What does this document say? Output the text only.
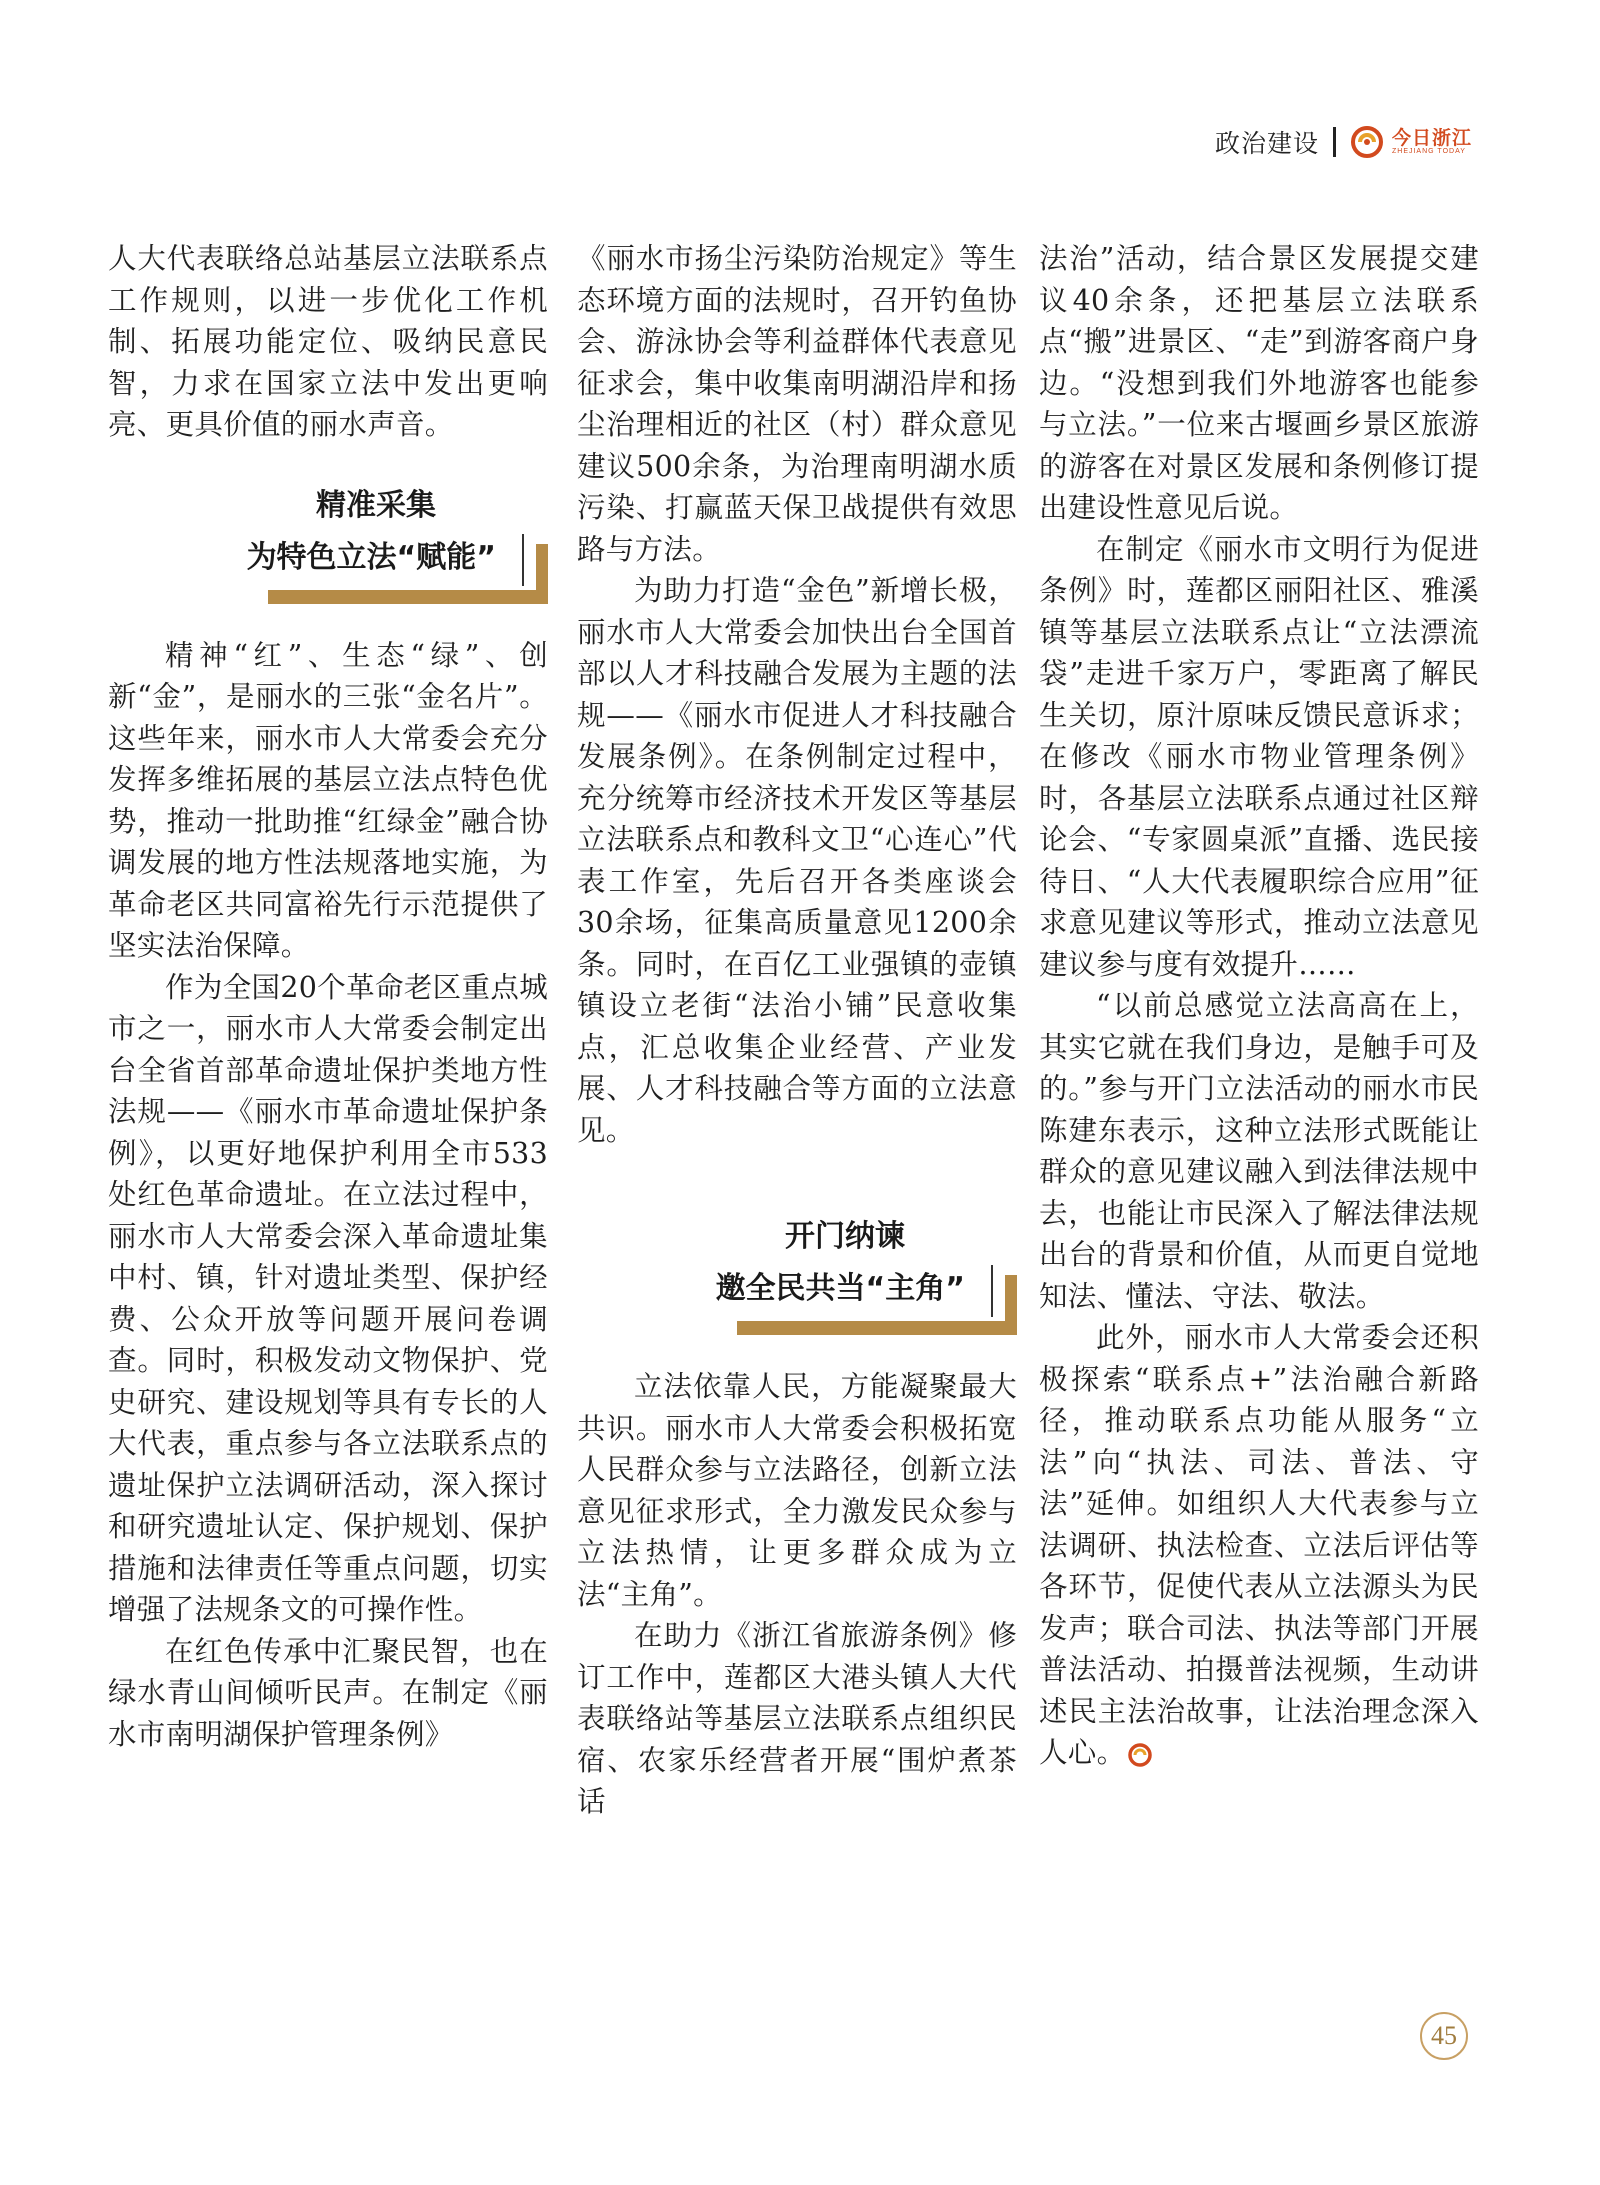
政治建设	今日浙江
ZHEJIANG TODAY

人大代表联络总站基层立法联系点工作规则，以进一步优化工作机制、拓展功能定位、吸纳民意民智，力求在国家立法中发出更响亮、更具价值的丽水声音。

精准采集
为特色立法“赋能”

精神“红”、生态“绿”、创新“金”，是丽水的三张“金名片”。这些年来，丽水市人大常委会充分发挥多维拓展的基层立法点特色优势，推动一批助推“红绿金”融合协调发展的地方性法规落地实施，为革命老区共同富裕先行示范提供了坚实法治保障。

作为全国20个革命老区重点城市之一，丽水市人大常委会制定出台全省首部革命遗址保护类地方性法规——《丽水市革命遗址保护条例》，以更好地保护利用全市533处红色革命遗址。在立法过程中，丽水市人大常委会深入革命遗址集中村、镇，针对遗址类型、保护经费、公众开放等问题开展问卷调查。同时，积极发动文物保护、党史研究、建设规划等具有专长的人大代表，重点参与各立法联系点的遗址保护立法调研活动，深入探讨和研究遗址认定、保护规划、保护措施和法律责任等重点问题，切实增强了法规条文的可操作性。

在红色传承中汇聚民智，也在绿水青山间倾听民声。在制定《丽水市南明湖保护管理条例》

《丽水市扬尘污染防治规定》等生态环境方面的法规时，召开钓鱼协会、游泳协会等利益群体代表意见征求会，集中收集南明湖沿岸和扬尘治理相近的社区（村）群众意见建议500余条，为治理南明湖水质污染、打赢蓝天保卫战提供有效思路与方法。

为助力打造“金色”新增长极，丽水市人大常委会加快出台全国首部以人才科技融合发展为主题的法规——《丽水市促进人才科技融合发展条例》。在条例制定过程中，充分统筹市经济技术开发区等基层立法联系点和教科文卫“心连心”代表工作室，先后召开各类座谈会30余场，征集高质量意见1200余条。同时，在百亿工业强镇的壶镇镇设立老街“法治小铺”民意收集点，汇总收集企业经营、产业发展、人才科技融合等方面的立法意见。

开门纳谏
邀全民共当“主角”

立法依靠人民，方能凝聚最大共识。丽水市人大常委会积极拓宽人民群众参与立法路径，创新立法意见征求形式，全力激发民众参与立法热情，让更多群众成为立法“主角”。

在助力《浙江省旅游条例》修订工作中，莲都区大港头镇人大代表联络站等基层立法联系点组织民宿、农家乐经营者开展“围炉煮茶话

法治”活动，结合景区发展提交建议40余条，还把基层立法联系点“搬”进景区、“走”到游客商户身边。“没想到我们外地游客也能参与立法。”一位来古堰画乡景区旅游的游客在对景区发展和条例修订提出建设性意见后说。

在制定《丽水市文明行为促进条例》时，莲都区丽阳社区、雅溪镇等基层立法联系点让“立法漂流袋”走进千家万户，零距离了解民生关切，原汁原味反馈民意诉求；在修改《丽水市物业管理条例》时，各基层立法联系点通过社区辩论会、“专家圆桌派”直播、选民接待日、“人大代表履职综合应用”征求意见建议等形式，推动立法意见建议参与度有效提升……

“以前总感觉立法高高在上，其实它就在我们身边，是触手可及的。”参与开门立法活动的丽水市民陈建东表示，这种立法形式既能让群众的意见建议融入到法律法规中去，也能让市民深入了解法律法规出台的背景和价值，从而更自觉地知法、懂法、守法、敬法。

此外，丽水市人大常委会还积极探索“联系点+”法治融合新路径，推动联系点功能从服务“立法”向“执法、司法、普法、守法”延伸。如组织人大代表参与立法调研、执法检查、立法后评估等各环节，促使代表从立法源头为民发声；联合司法、执法等部门开展普法活动、拍摄普法视频，生动讲述民主法治故事，让法治理念深入人心。

45
